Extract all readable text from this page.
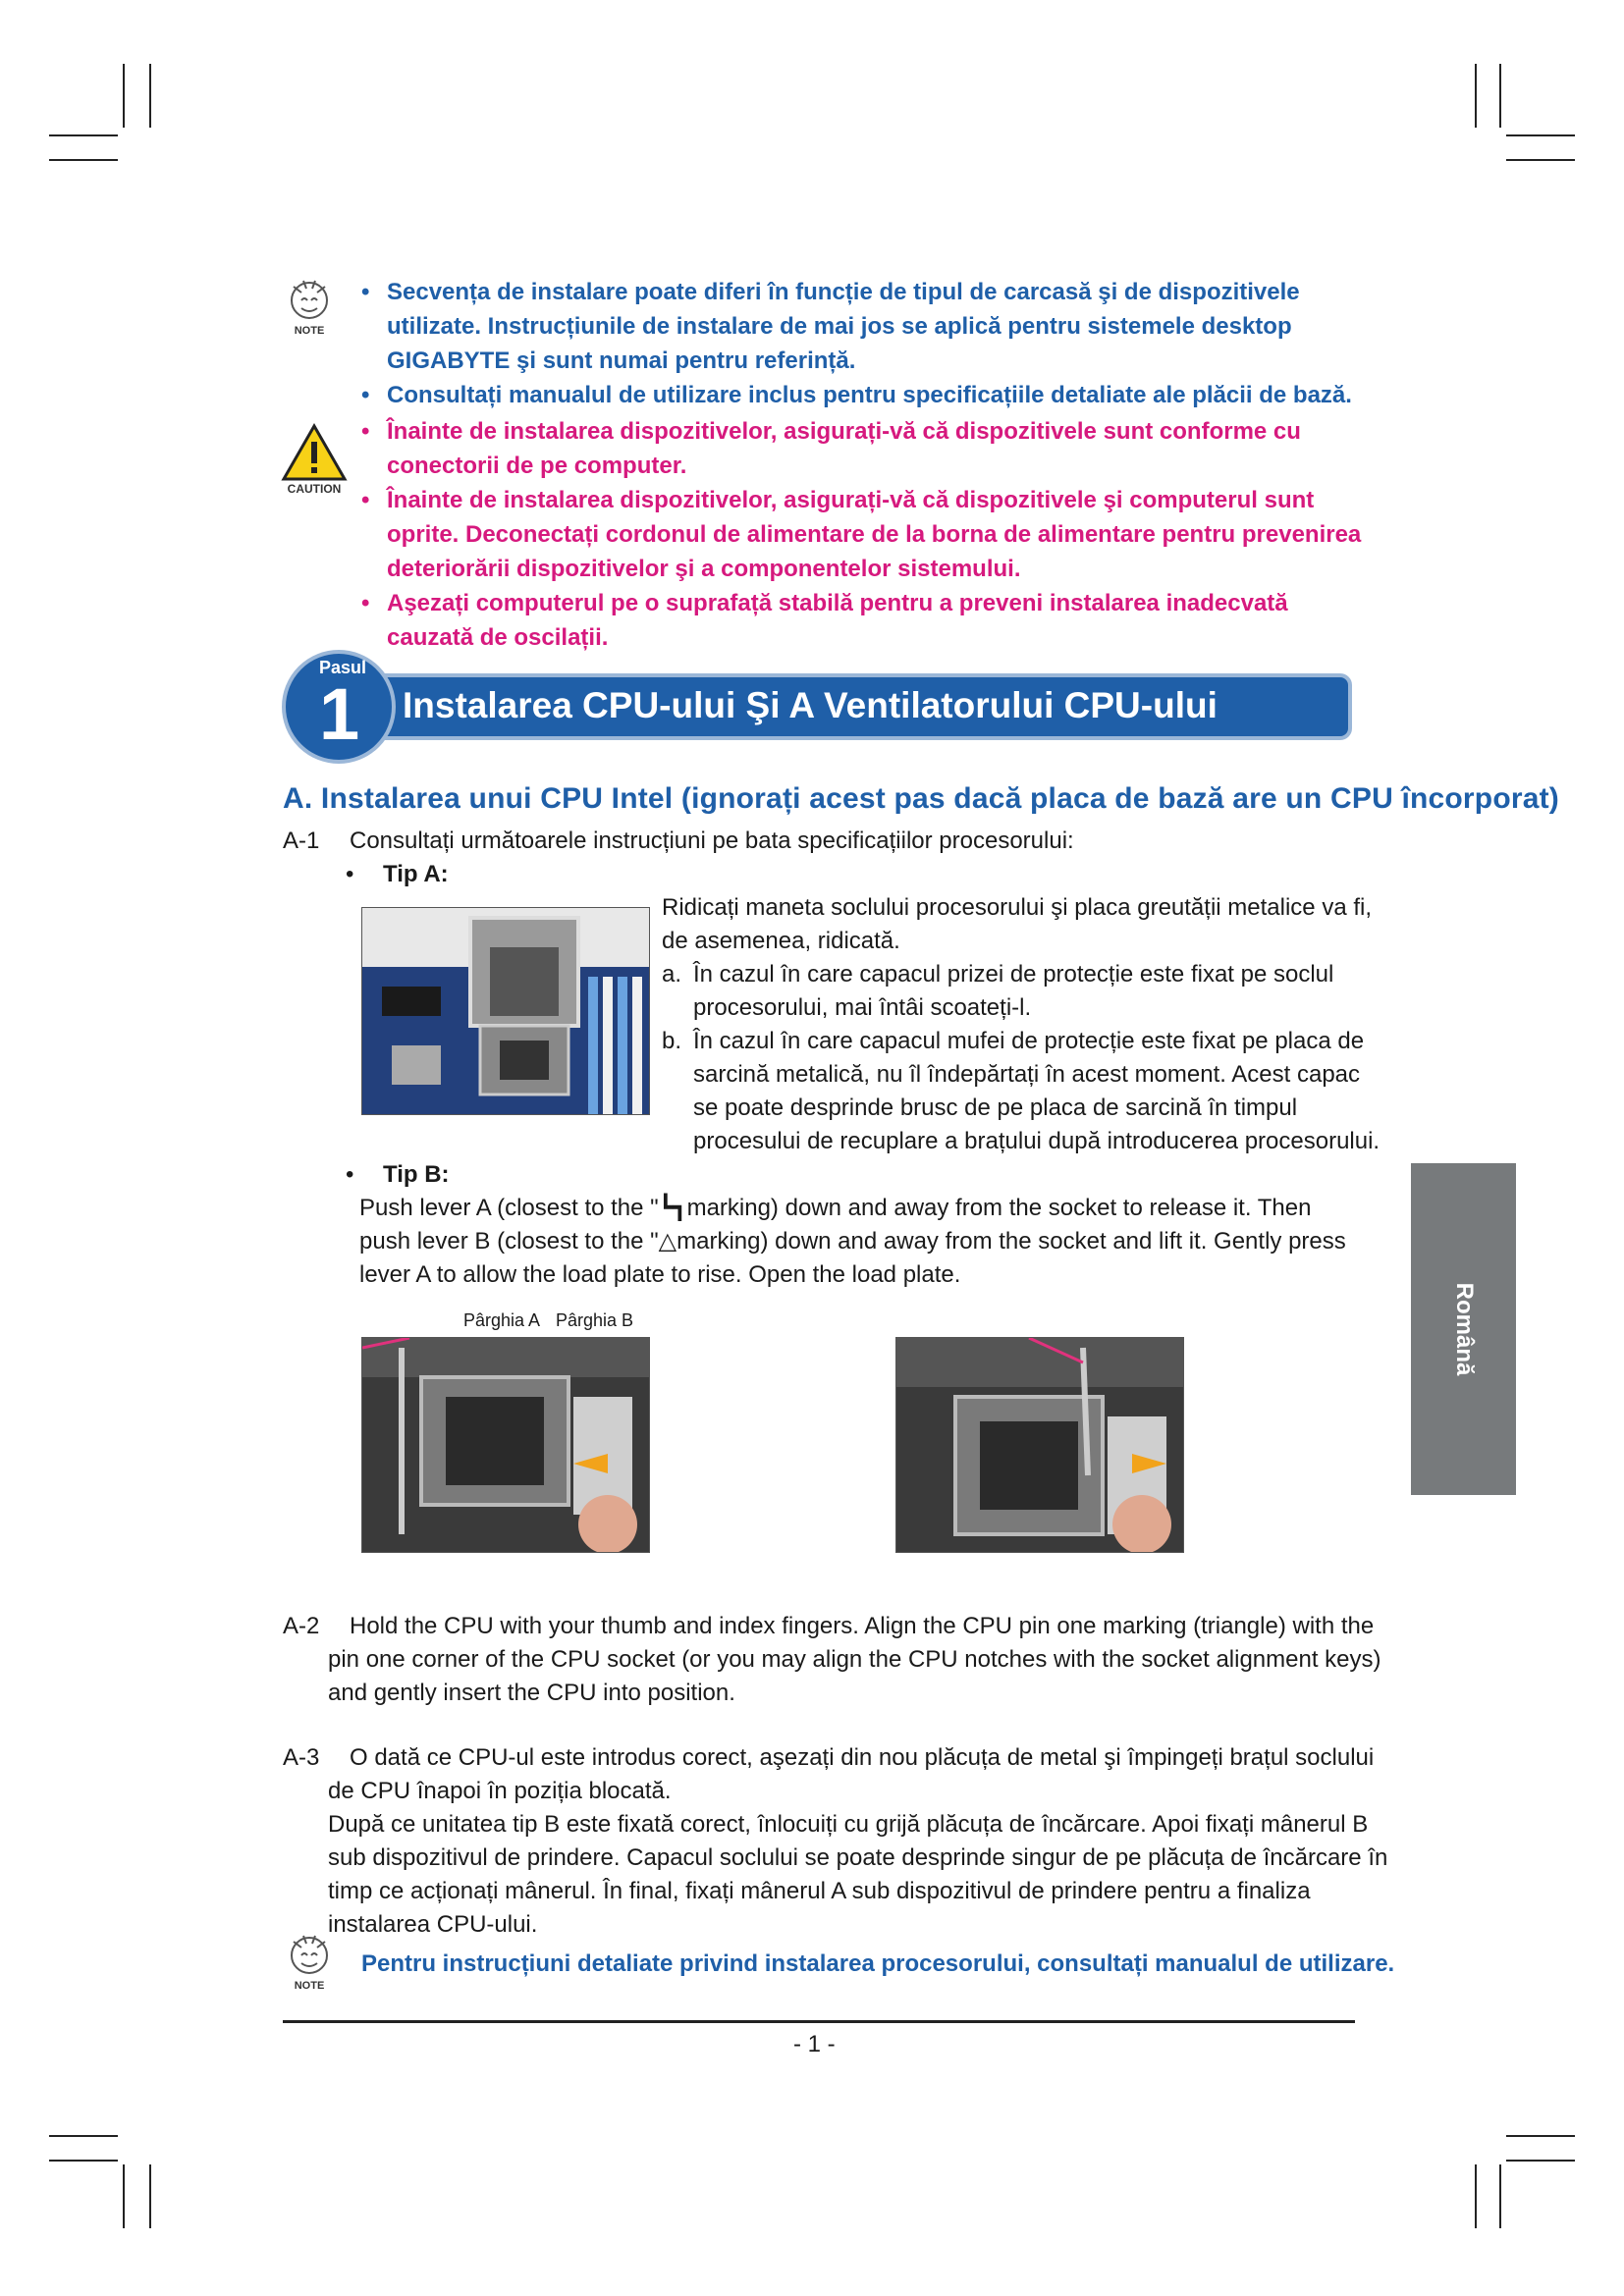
NOTE
• Secvența de instalare poate diferi în funcție de tipul de carcasă şi de dispozitivele utilizate. Instrucțiunile de instalare de mai jos se aplică pentru sistemele desktop GIGABYTE şi sunt numai pentru referință.
• Consultați manualul de utilizare inclus pentru specificațiile detaliate ale plăcii de bază.
CAUTION
• Înainte de instalarea dispozitivelor, asigurați-vă că dispozitivele sunt conforme cu conectorii de pe computer.
• Înainte de instalarea dispozitivelor, asigurați-vă că dispozitivele şi computerul sunt oprite. Deconectați cordonul de alimentare de la borna de alimentare pentru prevenirea deteriorării dispozitivelor şi a componentelor sistemului.
• Aşezați computerul pe o suprafață stabilă pentru a preveni instalarea inadecvată cauzată de oscilații.
Pasul
1 Instalarea CPU-ului Şi A Ventilatorului CPU-ului
A. Instalarea unui CPU Intel (ignorați acest pas dacă placa de bază are un CPU încorporat)
A-1 Consultați următoarele instrucțiuni pe bata specificațiilor procesorului:
• Tip A:
Ridicați maneta soclului procesorului şi placa greutății metalice va fi, de asemenea, ridicată.
a. În cazul în care capacul prizei de protecție este fixat pe soclul procesorului, mai întâi scoateți-l.
b. În cazul în care capacul mufei de protecție este fixat pe placa de sarcină metalică, nu îl îndepărtați în acest moment. Acest capac se poate desprinde brusc de pe placa de sarcină în timpul procesului de recuplare a brațului după introducerea procesorului.
• Tip B:
Push lever A (closest to the "┗┓marking) down and away from the socket to release it. Then push lever B (closest to the "△marking) down and away from the socket and lift it. Gently press lever A to allow the load plate to rise. Open the load plate.
Pârghia A Pârghia B
A-2	Hold the CPU with your thumb and index fingers. Align the CPU pin one marking (triangle) with the pin one corner of the CPU socket (or you may align the CPU notches with the socket alignment keys) and gently insert the CPU into position.
A-3	O dată ce CPU-ul este introdus corect, aşezați din nou plăcuța de metal şi împingeți brațul soclului de CPU înapoi în poziția blocată.
După ce unitatea tip B este fixată corect, înlocuiți cu grijă plăcuța de încărcare. Apoi fixați mânerul B sub dispozitivul de prindere. Capacul soclului se poate desprinde singur de pe plăcuța de încărcare în timp ce acționați mânerul. În final, fixați mânerul A sub dispozitivul de prindere pentru a finaliza instalarea CPU-ului.
NOTE
Pentru instrucțiuni detaliate privind instalarea procesorului, consultați manualul de utilizare.
- 1 -
Română
